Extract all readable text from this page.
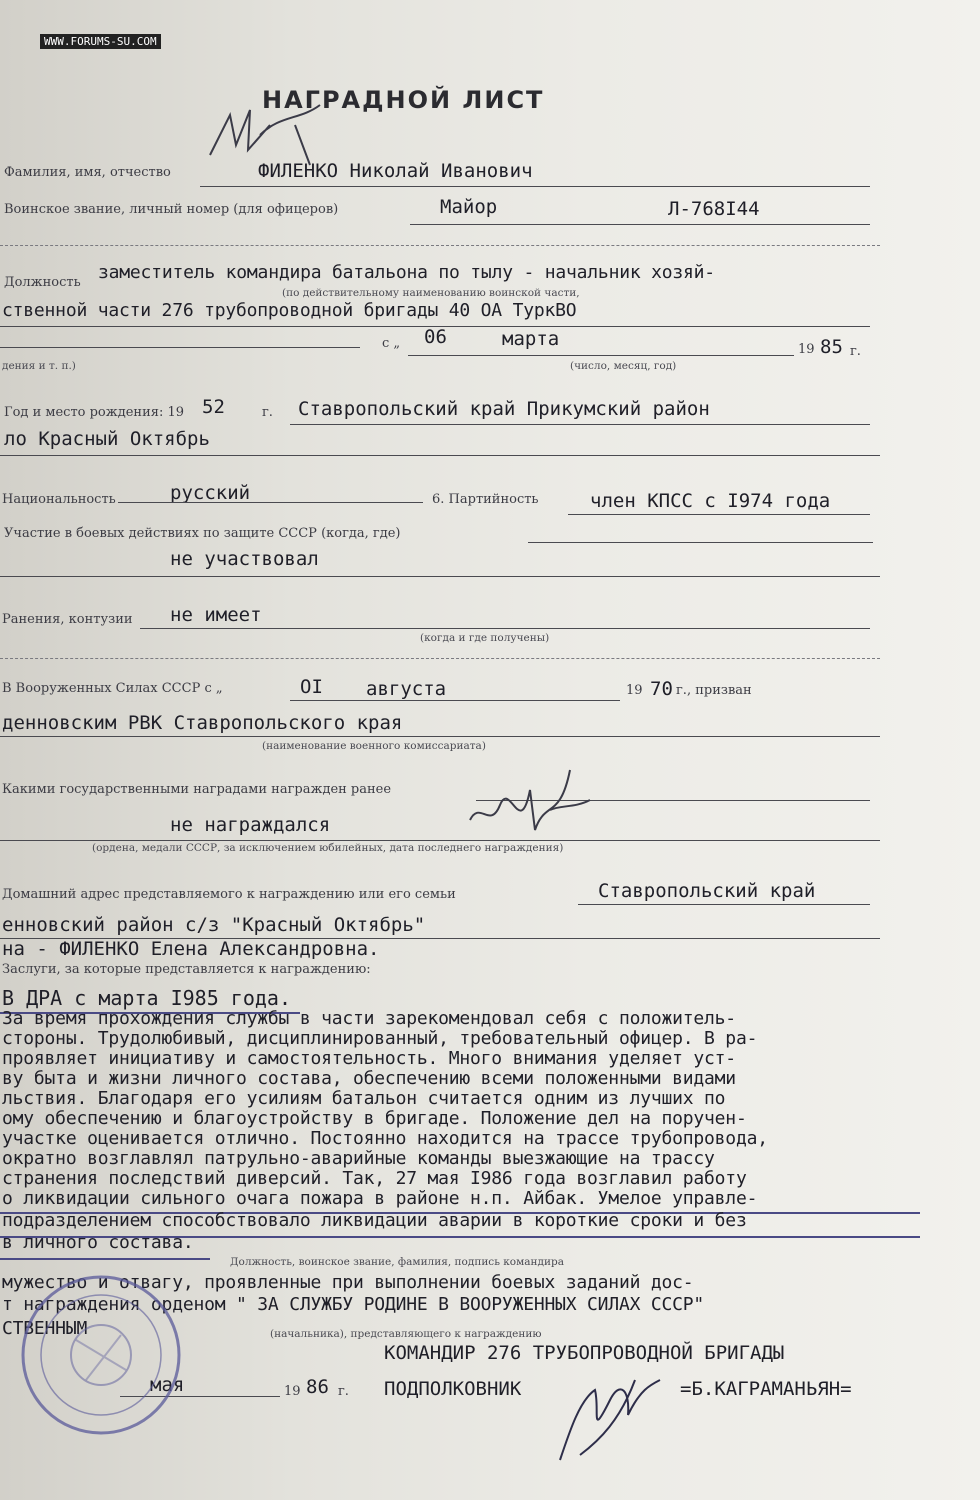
WWW.FORUMS-SU.COM
НАГРАДНОЙ ЛИСТ
Фамилия, имя, отчество	ФИЛЕНКО Николай Иванович
Воинское звание, личный номер (для офицеров)	Майор	Л-768I44
Должность заместитель командира батальона по тылу - начальник хозяй-
(по действительному наименованию воинской части,
ственной части 276 трубопроводной бригады 40 ОА ТуркВО
дения и т. п.)
с „ 06	марта	19 85 г.
(число, месяц, год)
Год и место рождения: 19 52	г. Ставропольский край Прикумский район
ло Красный Октябрь
Национальность	русский	6. Партийность	член КПСС с I974 года
Участие в боевых действиях по защите СССР (когда, где)
не участвовал
Ранения, контузии не имеет
(когда и где получены)
В Вооруженных Силах СССР с „	OI августа	19 70 г., призван
денновским РВК Ставропольского края
(наименование военного комиссариата)
Какими государственными наградами награжден ранее
не награждался
(ордена, медали СССР, за исключением юбилейных, дата последнего награждения)
Домашний адрес представляемого к награждению или его семьи	Ставропольский край
енновский район с/з "Красный Октябрь"
на - ФИЛЕНКО Елена Александровна.
Заслуги, за которые представляется к награждению:
В ДРА с марта I985 года.
За время прохождения службы в части зарекомендовал себя с положитель-
стороны. Трудолюбивый, дисциплинированный, требовательный офицер. В ра-
проявляет инициативу и самостоятельность. Много внимания уделяет уст-
ву быта и жизни личного состава, обеспечению всеми положенными видами
льствия. Благодаря его усилиям батальон считается одним из лучших по
ому обеспечению и благоустройству в бригаде. Положение дел на поручен-
участке оценивается отлично. Постоянно находится на трассе трубопровода,
ократно возглавлял патрульно-аварийные команды выезжающие на трассу
странения последствий диверсий. Так, 27 мая I986 года возглавил работу
о ликвидации сильного очага пожара в районе н.п. Айбак. Умелое управле-
подразделением способствовало ликвидации аварии в короткие сроки и без
в личного состава.
Должность, воинское звание, фамилия, подпись командира
мужество и отвагу, проявленные при выполнении боевых заданий дос-
т награждения орденом " ЗА СЛУЖБУ РОДИНЕ В ВООРУЖЕННЫХ СИЛАХ СССР"
СТВЕННЫМ	(начальника), представляющего к награждению
КОМАНДИР 276 ТРУБОПРОВОДНОЙ БРИГАДЫ
ПОДПОЛКОВНИК	=Б.КАГРАМАНЬЯН=
мая	19 86 г.
